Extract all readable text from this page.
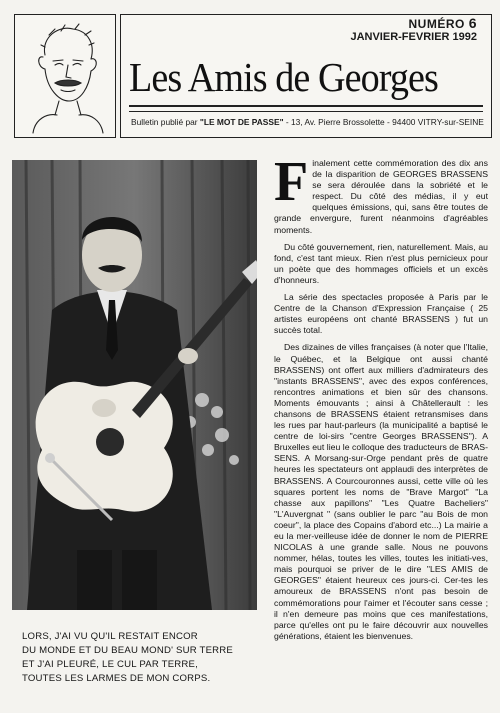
NUMÉRO 6
JANVIER-FEVRIER 1992
Les Amis de Georges
Bulletin publié par "LE MOT DE PASSE" - 13, Av. Pierre Brossolette - 94400 VITRY-sur-SEINE
LORS, J'AI VU QU'IL RESTAIT ENCOR
DU MONDE ET DU BEAU MOND' SUR TERRE
ET J'AI PLEURÉ, LE CUL PAR TERRE,
TOUTES LES LARMES DE MON CORPS.

Finalement cette commémoration des dix ans de la disparition de GEORGES BRASSENS se sera déroulée dans la sobriété et le respect. Du côté des médias, il y eut quelques émissions, qui, sans être toutes de grande envergure, furent néanmoins d'agréables moments.

Du côté gouvernement, rien, naturellement. Mais, au fond, c'est tant mieux. Rien n'est plus pernicieux pour un poète que des hommages officiels et un excès d'honneurs.

La série des spectacles proposée à Paris par le Centre de la Chanson d'Expression Française ( 25 artistes européens ont chanté BRASSENS ) fut un succès total.

Des dizaines de villes françaises (à noter que l'Italie, le Québec, et la Belgique ont aussi chanté BRASSENS) ont offert aux milliers d'admirateurs des "instants BRASSENS", avec des expos conférences, rencontres animations et bien sûr des chansons. Moments émouvants ; ainsi à Châtellerault : les chansons de BRASSENS étaient retransmises dans les rues par haut-parleurs (la municipalité a baptisé le centre de loi-sirs "centre Georges BRASSENS"). A Bruxelles eut lieu le colloque des traducteurs de BRAS-SENS. A Morsang-sur-Orge pendant près de quatre heures les spectateurs ont applaudi des interprètes de BRASSENS. A Courcouronnes aussi, cette ville où les squares portent les noms de "Brave Margot" "La chasse aux papillons" "Les Quatre Bacheliers" "L'Auvergnat " (sans oublier le parc "au Bois de mon coeur", la place des Copains d'abord etc...) La mairie a eu la mer-veilleuse idée de donner le nom de PIERRE NICOLAS à une grande salle. Nous ne pouvons nommer, hélas, toutes les villes, toutes les initiati-ves, mais pourquoi se priver de le dire "LES AMIS de GEORGES" étaient heureux ces jours-ci. Cer-tes les amoureux de BRASSENS n'ont pas besoin de commémorations pour l'aimer et l'écouter sans cesse ; il n'en demeure pas moins que ces manifestations, parce qu'elles ont pu le faire découvrir aux nouvelles générations, étaient les bienvenues.
